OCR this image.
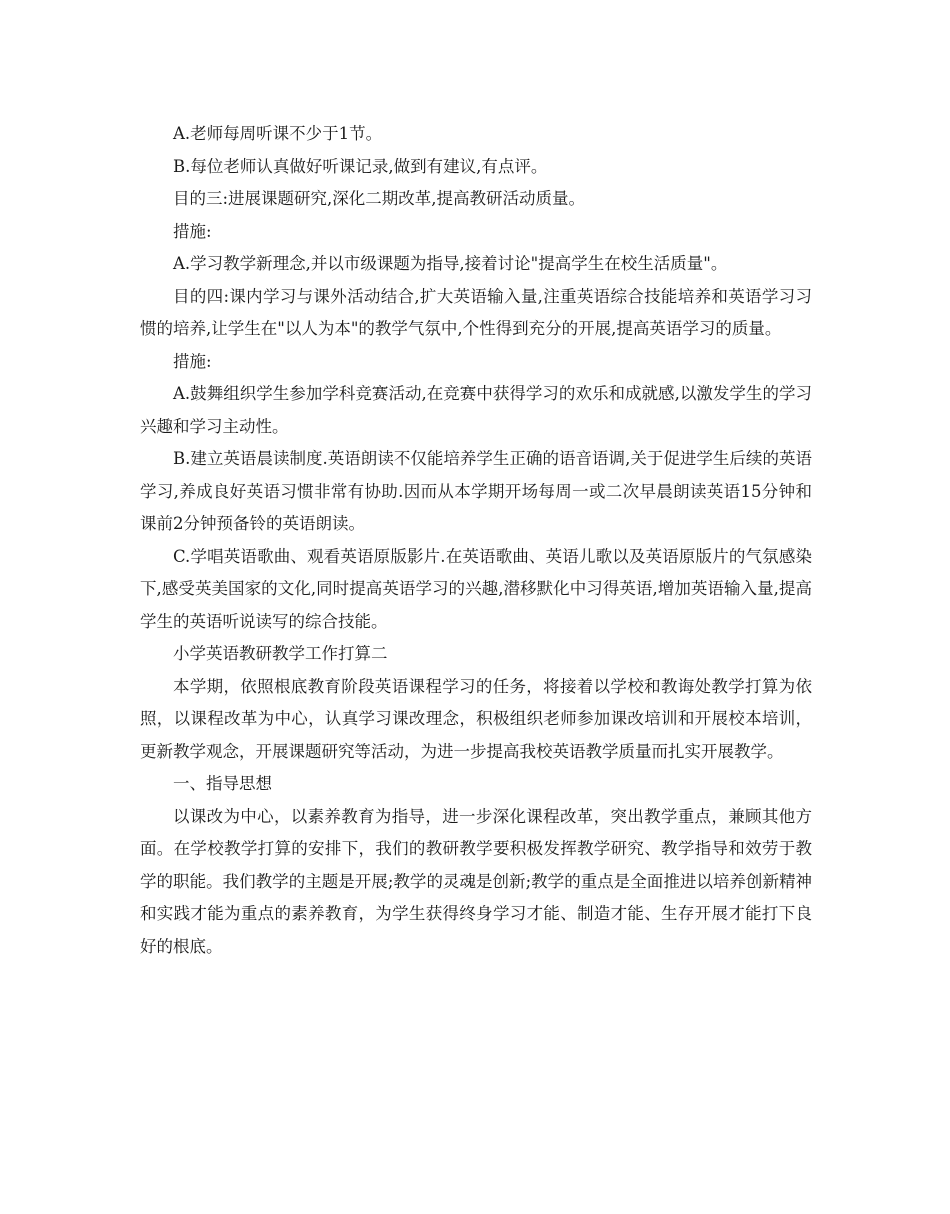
A.老师每周听课不少于1节。

B.每位老师认真做好听课记录,做到有建议,有点评。

目的三:进展课题研究,深化二期改革,提高教研活动质量。

措施:

A.学习教学新理念,并以市级课题为指导,接着讨论"提高学生在校生活质量"。

目的四:课内学习与课外活动结合,扩大英语输入量,注重英语综合技能培养和英语学习习惯的培养,让学生在"以人为本"的教学气氛中,个性得到充分的开展,提高英语学习的质量。

措施:

A.鼓舞组织学生参加学科竞赛活动,在竞赛中获得学习的欢乐和成就感,以激发学生的学习兴趣和学习主动性。

B.建立英语晨读制度.英语朗读不仅能培养学生正确的语音语调,关于促进学生后续的英语学习,养成良好英语习惯非常有协助.因而从本学期开场每周一或二次早晨朗读英语15分钟和课前2分钟预备铃的英语朗读。

C.学唱英语歌曲、观看英语原版影片.在英语歌曲、英语儿歌以及英语原版片的气氛感染下,感受英美国家的文化,同时提高英语学习的兴趣,潜移默化中习得英语,增加英语输入量,提高学生的英语听说读写的综合技能。

小学英语教研教学工作打算二

本学期，依照根底教育阶段英语课程学习的任务，将接着以学校和教诲处教学打算为依照，以课程改革为中心，认真学习课改理念，积极组织老师参加课改培训和开展校本培训，更新教学观念，开展课题研究等活动，为进一步提高我校英语教学质量而扎实开展教学。

一、指导思想

以课改为中心，以素养教育为指导，进一步深化课程改革，突出教学重点，兼顾其他方面。在学校教学打算的安排下，我们的教研教学要积极发挥教学研究、教学指导和效劳于教学的职能。我们教学的主题是开展;教学的灵魂是创新;教学的重点是全面推进以培养创新精神和实践才能为重点的素养教育，为学生获得终身学习才能、制造才能、生存开展才能打下良好的根底。
